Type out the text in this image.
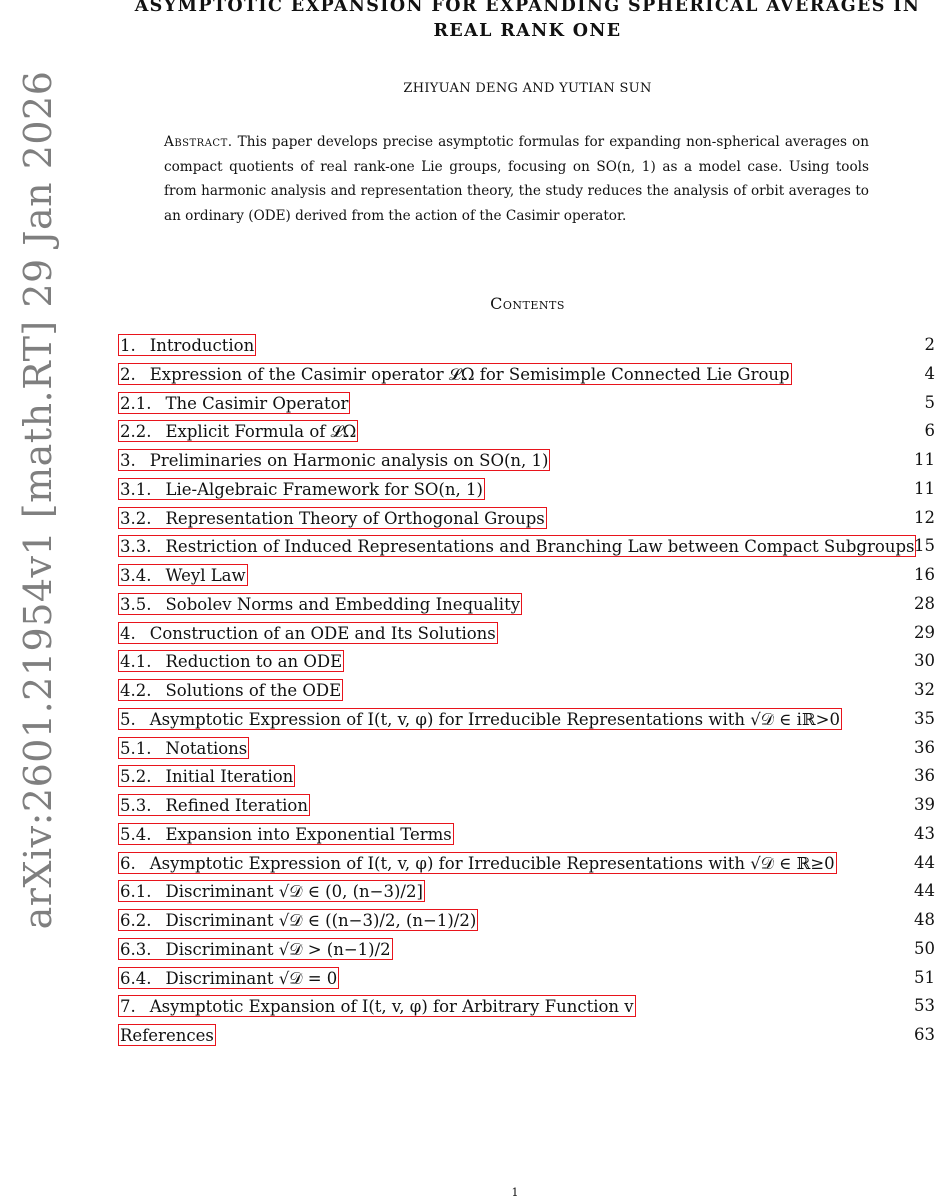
ASYMPTOTIC EXPANSION FOR EXPANDING SPHERICAL AVERAGES IN REAL RANK ONE
ZHIYUAN DENG AND YUTIAN SUN
Abstract. This paper develops precise asymptotic formulas for expanding non-spherical averages on compact quotients of real rank-one Lie groups, focusing on SO(n, 1) as a model case. Using tools from harmonic analysis and representation theory, the study reduces the analysis of orbit averages to an ordinary (ODE) derived from the action of the Casimir operator.
Contents
1. Introduction	2
2. Expression of the Casimir operator 𝓛Ω for Semisimple Connected Lie Group	4
2.1. The Casimir Operator	5
2.2. Explicit Formula of 𝓛Ω	6
3. Preliminaries on Harmonic analysis on SO(n, 1)	11
3.1. Lie-Algebraic Framework for SO(n, 1)	11
3.2. Representation Theory of Orthogonal Groups	12
3.3. Restriction of Induced Representations and Branching Law between Compact Subgroups 15
3.4. Weyl Law	16
3.5. Sobolev Norms and Embedding Inequality	28
4. Construction of an ODE and Its Solutions	29
4.1. Reduction to an ODE	30
4.2. Solutions of the ODE	32
5. Asymptotic Expression of I(t, v, φ) for Irreducible Representations with √𝒟 ∈ iℝ>0	35
5.1. Notations	36
5.2. Initial Iteration	36
5.3. Refined Iteration	39
5.4. Expansion into Exponential Terms	43
6. Asymptotic Expression of I(t, v, φ) for Irreducible Representations with √𝒟 ∈ ℝ≥0	44
6.1. Discriminant √𝒟 ∈ (0, (n−3)/2]	44
6.2. Discriminant √𝒟 ∈ ((n−3)/2, (n−1)/2)	48
6.3. Discriminant √𝒟 > (n−1)/2	50
6.4. Discriminant √𝒟 = 0	51
7. Asymptotic Expansion of I(t, v, φ) for Arbitrary Function v	53
References	63
arXiv:2601.21954v1 [math.RT] 29 Jan 2026
1
